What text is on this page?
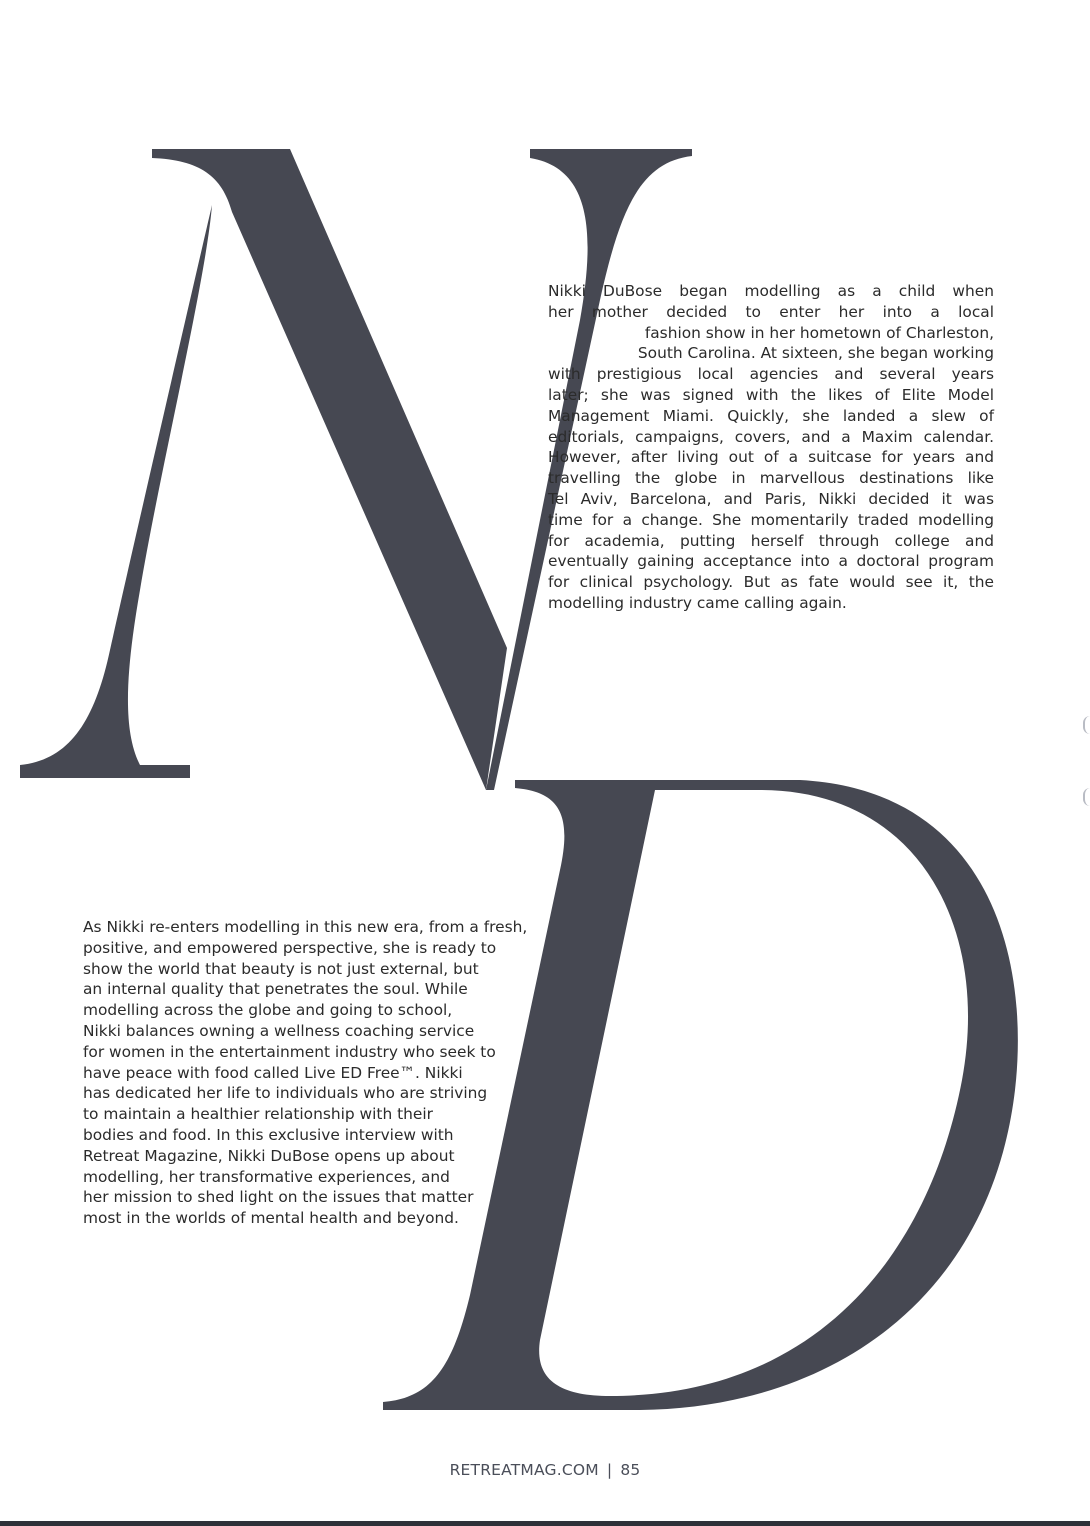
Nikki DuBose began modelling as a child when
her mother decided to enter her into a local
fashion show in her hometown of Charleston,
South Carolina. At sixteen, she began working
with prestigious local agencies and several years
later; she was signed with the likes of Elite Model
Management Miami. Quickly, she landed a slew of
editorials, campaigns, covers, and a Maxim calendar.
However, after living out of a suitcase for years and
travelling the globe in marvellous destinations like
Tel Aviv, Barcelona, and Paris, Nikki decided it was
time for a change. She momentarily traded modelling
for academia, putting herself through college and
eventually gaining acceptance into a doctoral program
for clinical psychology. But as fate would see it, the
modelling industry came calling again.

As Nikki re-enters modelling in this new era, from a fresh,
positive, and empowered perspective, she is ready to
show the world that beauty is not just external, but
an internal quality that penetrates the soul. While
modelling across the globe and going to school,
Nikki balances owning a wellness coaching service
for women in the entertainment industry who seek to
have peace with food called Live ED Free™. Nikki
has dedicated her life to individuals who are striving
to maintain a healthier relationship with their
bodies and food. In this exclusive interview with
Retreat Magazine, Nikki DuBose opens up about
modelling, her transformative experiences, and
her mission to shed light on the issues that matter
most in the worlds of mental health and beyond.

RETREATMAG.COM | 85
